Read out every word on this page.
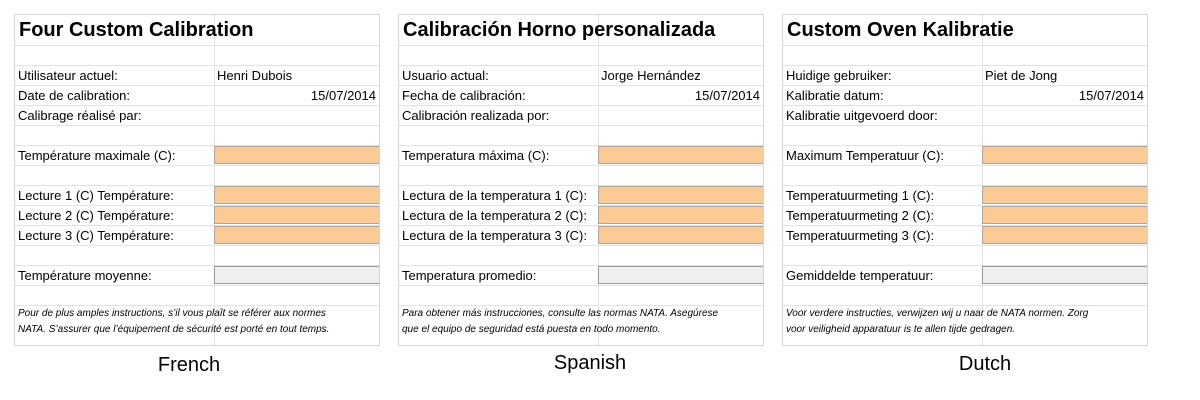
Four Custom Calibration
Utilisateur actuel:	Henri Dubois
Date de calibration:	15/07/2014
Calibrage réalisé par:
Température maximale (C):
Lecture 1 (C) Température:
Lecture 2 (C) Température:
Lecture 3 (C) Température:
Température moyenne:
Pour de plus amples instructions, s’il vous plaît se référer aux normes
NATA. S’assurer que l’équipement de sécurité est porté en tout temps.
Calibración Horno personalizada
Usuario actual:	Jorge Hernández
Fecha de calibración:	15/07/2014
Calibración realizada por:
Temperatura máxima (C):
Lectura de la temperatura 1 (C):
Lectura de la temperatura 2 (C):
Lectura de la temperatura 3 (C):
Temperatura promedio:
Para obtener más instrucciones, consulte las normas NATA. Asegúrese
que el equipo de seguridad está puesta en todo momento.
Custom Oven Kalibratie
Huidige gebruiker:	Piet de Jong
Kalibratie datum:	15/07/2014
Kalibratie uitgevoerd door:
Maximum Temperatuur (C):
Temperatuurmeting 1 (C):
Temperatuurmeting 2 (C):
Temperatuurmeting 3 (C):
Gemiddelde temperatuur:
Voor verdere instructies, verwijzen wij u naar de NATA normen. Zorg
voor veiligheid apparatuur is te allen tijde gedragen.
French	Spanish	Dutch
